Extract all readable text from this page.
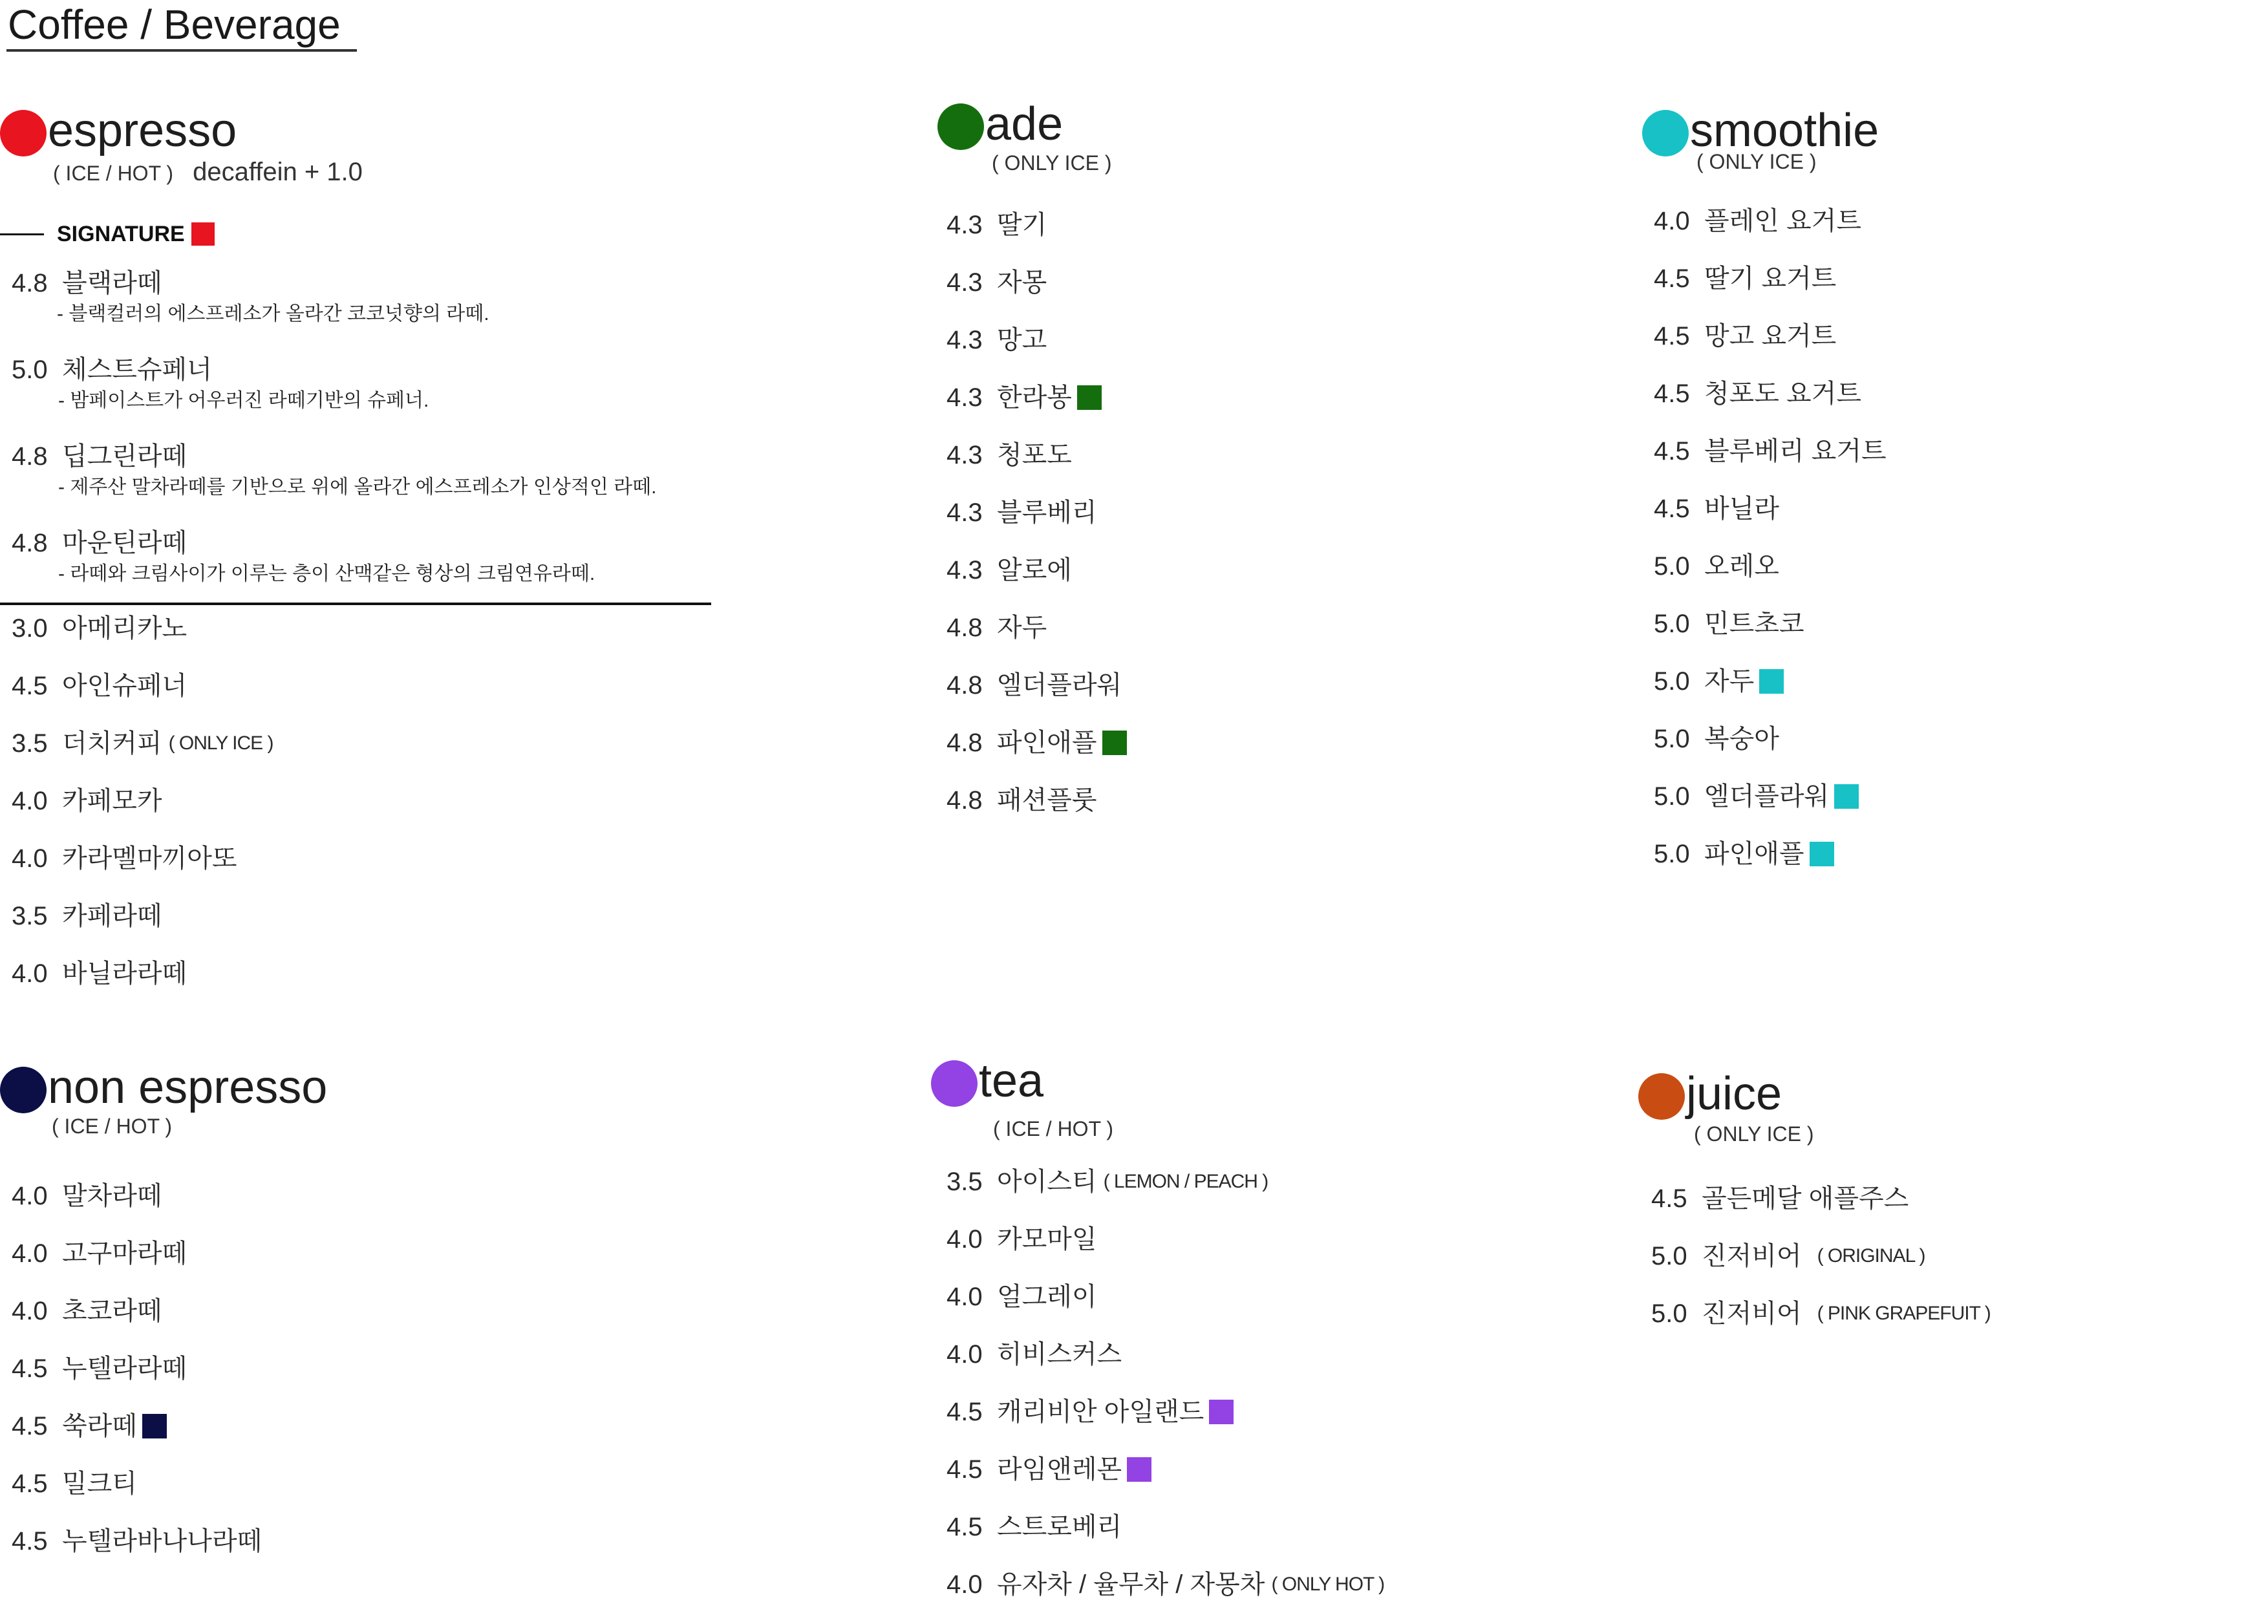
Coffee / Beverage
espresso
( ICE / HOT ) decaffein + 1.0
SIGNATURE
4.8 블랙라떼
- 블랙컬러의 에스프레소가 올라간 코코넛향의 라떼.
5.0 체스트슈페너
- 밤페이스트가 어우러진 라떼기반의 슈페너.
4.8 딥그린라떼
- 제주산 말차라떼를 기반으로 위에 올라간 에스프레소가 인상적인 라떼.
4.8 마운틴라떼
- 라떼와 크림사이가 이루는 층이 산맥같은 형상의 크림연유라떼.
3.0 아메리카노
4.5 아인슈페너
3.5 더치커피 ( ONLY ICE )
4.0 카페모카
4.0 카라멜마끼아또
3.5 카페라떼
4.0 바닐라라떼
ade
( ONLY ICE )
4.3 딸기
4.3 자몽
4.3 망고
4.3 한라봉
4.3 청포도
4.3 블루베리
4.3 알로에
4.8 자두
4.8 엘더플라워
4.8 파인애플
4.8 패션플룻
smoothie
( ONLY ICE )
4.0 플레인 요거트
4.5 딸기 요거트
4.5 망고 요거트
4.5 청포도 요거트
4.5 블루베리 요거트
4.5 바닐라
5.0 오레오
5.0 민트초코
5.0 자두
5.0 복숭아
5.0 엘더플라워
5.0 파인애플
non espresso
( ICE / HOT )
4.0 말차라떼
4.0 고구마라떼
4.0 초코라떼
4.5 누텔라라떼
4.5 쑥라떼
4.5 밀크티
4.5 누텔라바나나라떼
tea
( ICE / HOT )
3.5 아이스티 ( LEMON / PEACH )
4.0 카모마일
4.0 얼그레이
4.0 히비스커스
4.5 캐리비안 아일랜드
4.5 라임앤레몬
4.5 스트로베리
4.0 유자차 / 율무차 / 자몽차 ( ONLY HOT )
juice
( ONLY ICE )
4.5 골든메달 애플주스
5.0 진저비어 ( ORIGINAL )
5.0 진저비어 ( PINK GRAPEFUIT )
